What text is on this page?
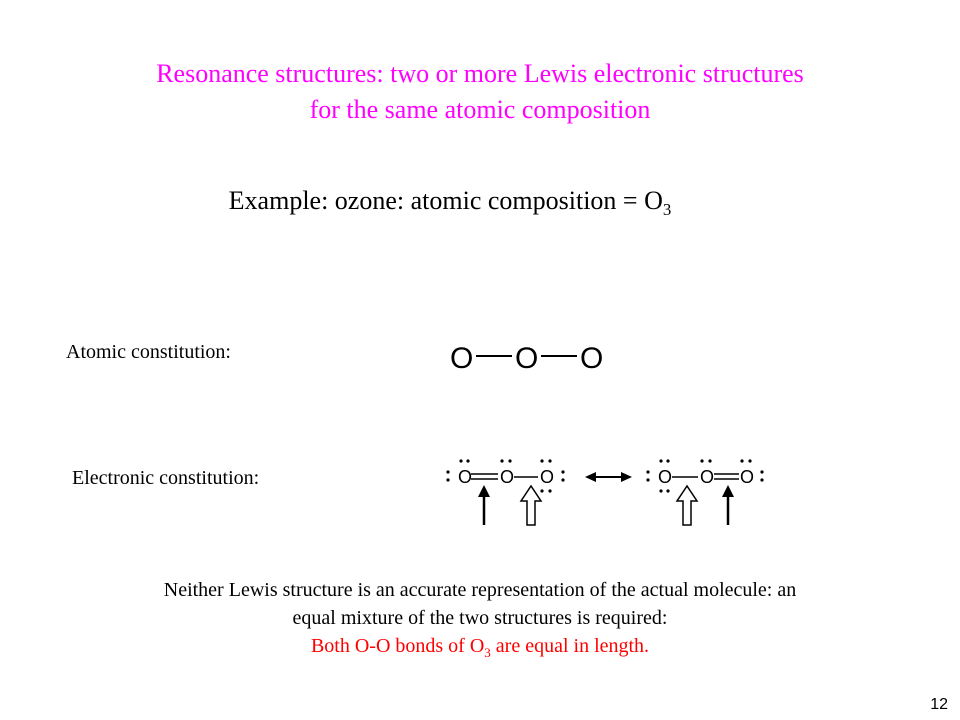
Resonance structures: two or more Lewis electronic structures
for the same atomic composition
Example: ozone: atomic composition = $O_3$
Atomic constitution:	O O O
Electronic constitution:	O O O	O O O
Neither Lewis structure is an accurate representation of the actual molecule: an
equal mixture of the two structures is required:
Both O-O bonds of $O_3$ are equal in length.
12
